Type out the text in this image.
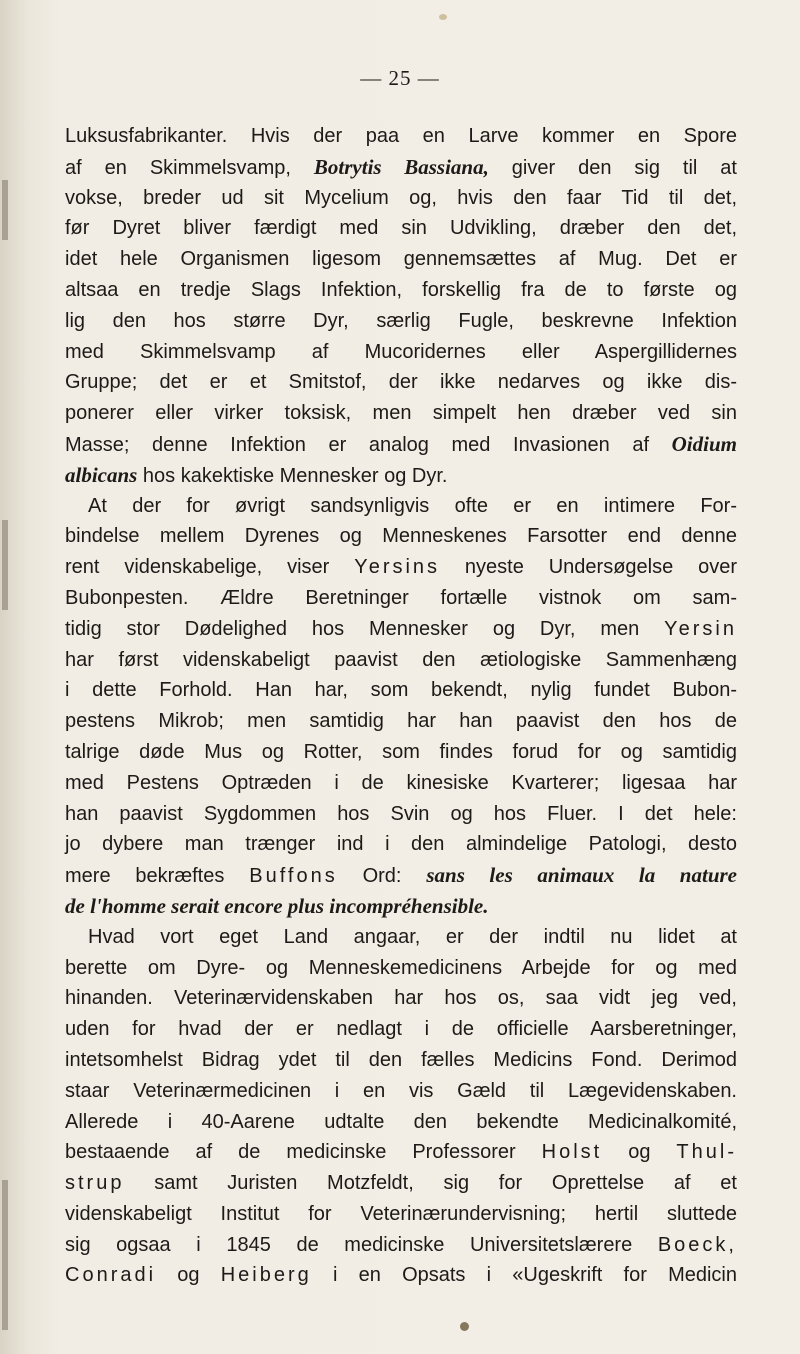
— 25 —
Luksusfabrikanter. Hvis der paa en Larve kommer en Spore
af en Skimmelsvamp, Botrytis Bassiana, giver den sig til at
vokse, breder ud sit Mycelium og, hvis den faar Tid til det,
før Dyret bliver færdigt med sin Udvikling, dræber den det,
idet hele Organismen ligesom gennemsættes af Mug. Det er
altsaa en tredje Slags Infektion, forskellig fra de to første og
lig den hos større Dyr, særlig Fugle, beskrevne Infektion
med Skimmelsvamp af Mucoridernes eller Aspergillidernes
Gruppe; det er et Smitstof, der ikke nedarves og ikke dis-
ponerer eller virker toksisk, men simpelt hen dræber ved sin
Masse; denne Infektion er analog med Invasionen af Oidium
albicans hos kakektiske Mennesker og Dyr.
At der for øvrigt sandsynligvis ofte er en intimere For-
bindelse mellem Dyrenes og Menneskenes Farsotter end denne
rent videnskabelige, viser Yersins nyeste Undersøgelse over
Bubonpesten. Ældre Beretninger fortælle vistnok om sam-
tidig stor Dødelighed hos Mennesker og Dyr, men Yersin
har først videnskabeligt paavist den ætiologiske Sammenhæng
i dette Forhold. Han har, som bekendt, nylig fundet Bubon-
pestens Mikrob; men samtidig har han paavist den hos de
talrige døde Mus og Rotter, som findes forud for og samtidig
med Pestens Optræden i de kinesiske Kvarterer; ligesaa har
han paavist Sygdommen hos Svin og hos Fluer. I det hele:
jo dybere man trænger ind i den almindelige Patologi, desto
mere bekræftes Buffons Ord: sans les animaux la nature
de l'homme serait encore plus incompréhensible.
Hvad vort eget Land angaar, er der indtil nu lidet at
berette om Dyre- og Menneskemedicinens Arbejde for og med
hinanden. Veterinærvidenskaben har hos os, saa vidt jeg ved,
uden for hvad der er nedlagt i de officielle Aarsberetninger,
intetsomhelst Bidrag ydet til den fælles Medicins Fond. Derimod
staar Veterinærmedicinen i en vis Gæld til Lægevidenskaben.
Allerede i 40-Aarene udtalte den bekendte Medicinalkomité,
bestaaende af de medicinske Professorer Holst og Thul-
strup samt Juristen Motzfeldt, sig for Oprettelse af et
videnskabeligt Institut for Veterinærundervisning; hertil sluttede
sig ogsaa i 1845 de medicinske Universitetslærere Boeck,
Conradi og Heiberg i en Opsats i «Ugeskrift for Medicin
